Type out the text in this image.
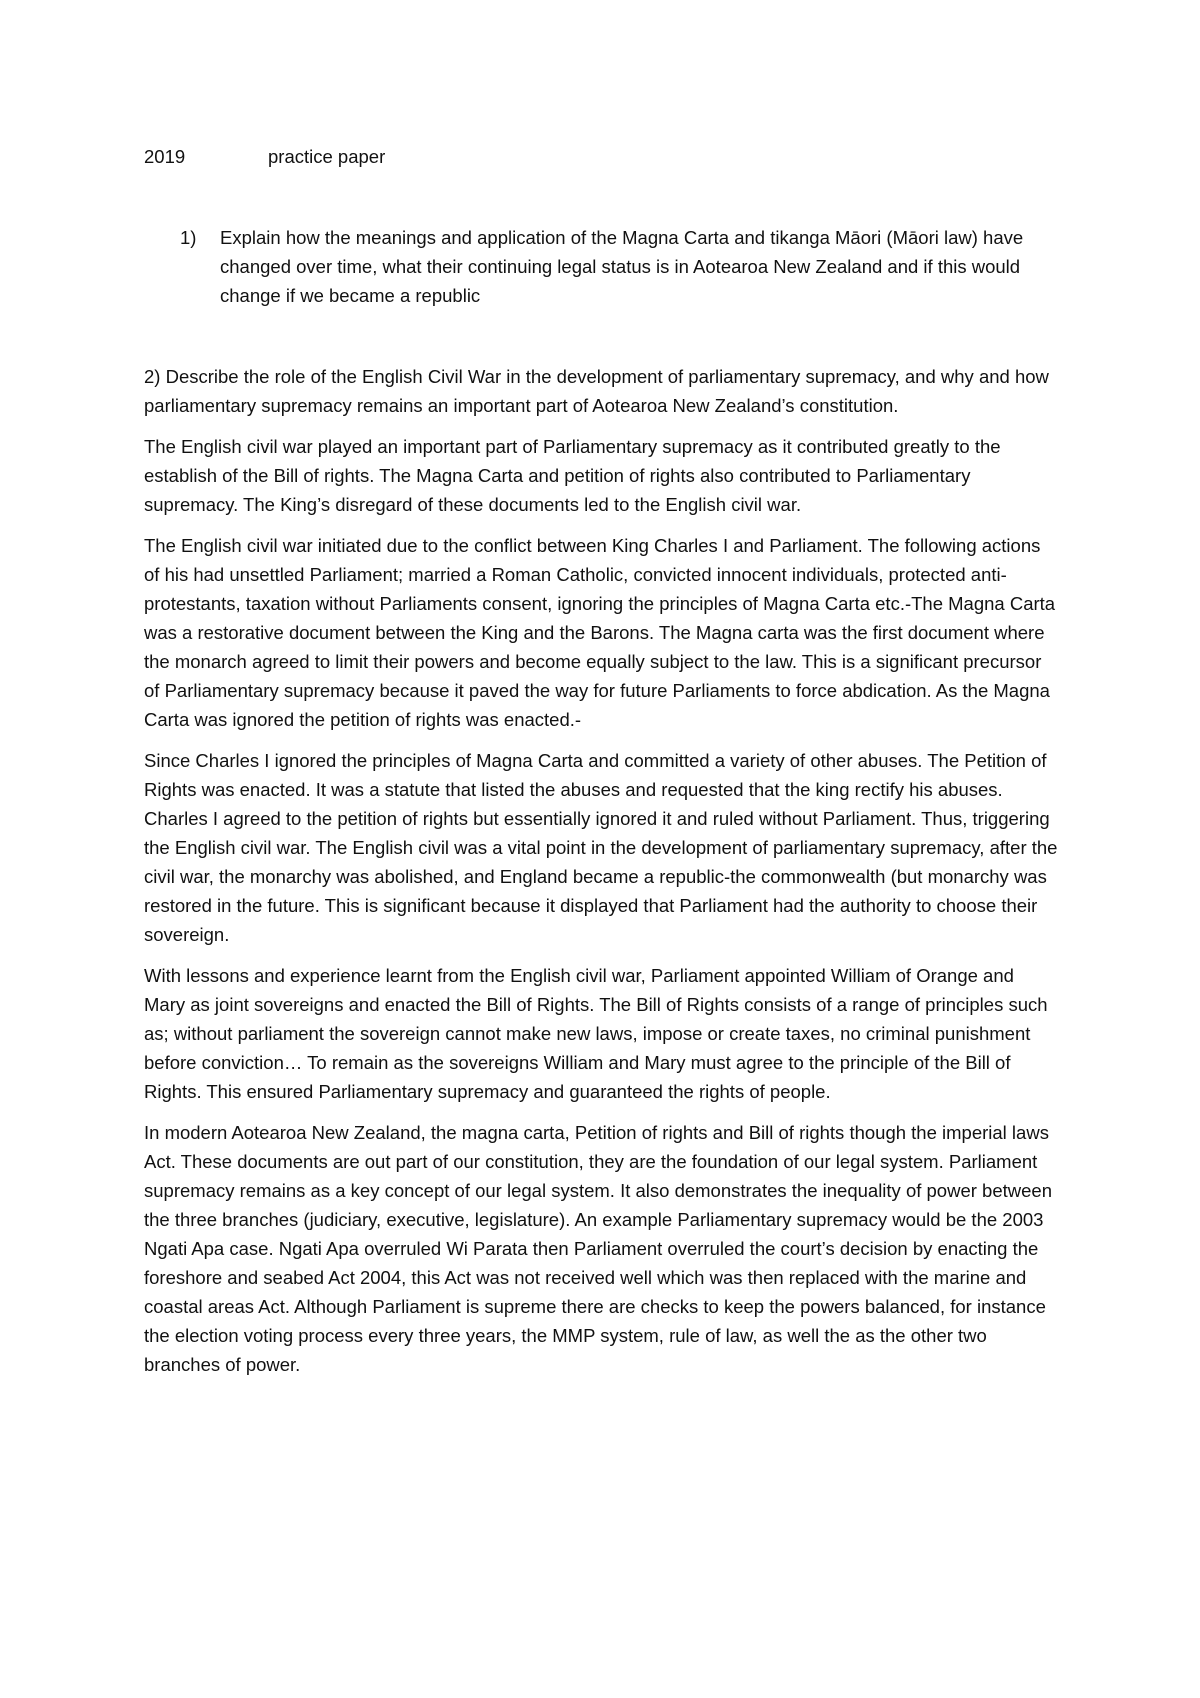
2019	practice paper
1)	Explain how the meanings and application of the Magna Carta and tikanga Māori (Māori law) have changed over time, what their continuing legal status is in Aotearoa New Zealand and if this would change if we became a republic
2) Describe the role of the English Civil War in the development of parliamentary supremacy, and why and how parliamentary supremacy remains an important part of Aotearoa New Zealand’s constitution.
The English civil war played an important part of Parliamentary supremacy as it contributed greatly to the establish of the Bill of rights. The Magna Carta and petition of rights also contributed to Parliamentary supremacy. The King’s disregard of these documents led to the English civil war.
The English civil war initiated due to the conflict between King Charles I and Parliament. The following actions of his had unsettled Parliament; married a Roman Catholic, convicted innocent individuals, protected anti-protestants, taxation without Parliaments consent, ignoring the principles of Magna Carta etc.-The Magna Carta was a restorative document between the King and the Barons. The Magna carta was the first document where the monarch agreed to limit their powers and become equally subject to the law. This is a significant precursor of Parliamentary supremacy because it paved the way for future Parliaments to force abdication. As the Magna Carta was ignored the petition of rights was enacted.-
Since Charles I ignored the principles of Magna Carta and committed a variety of other abuses. The Petition of Rights was enacted. It was a statute that listed the abuses and requested that the king rectify his abuses. Charles I agreed to the petition of rights but essentially ignored it and ruled without Parliament. Thus, triggering the English civil war. The English civil was a vital point in the development of parliamentary supremacy, after the civil war, the monarchy was abolished, and England became a republic-the commonwealth (but monarchy was restored in the future. This is significant because it displayed that Parliament had the authority to choose their sovereign.
With lessons and experience learnt from the English civil war, Parliament appointed William of Orange and Mary as joint sovereigns and enacted the Bill of Rights. The Bill of Rights consists of a range of principles such as; without parliament the sovereign cannot make new laws, impose or create taxes, no criminal punishment before conviction… To remain as the sovereigns William and Mary must agree to the principle of the Bill of Rights. This ensured Parliamentary supremacy and guaranteed the rights of people.
In modern Aotearoa New Zealand, the magna carta, Petition of rights and Bill of rights though the imperial laws Act. These documents are out part of our constitution, they are the foundation of our legal system. Parliament supremacy remains as a key concept of our legal system. It also demonstrates the inequality of power between the three branches (judiciary, executive, legislature). An example Parliamentary supremacy would be the 2003 Ngati Apa case. Ngati Apa overruled Wi Parata then Parliament overruled the court’s decision by enacting the foreshore and seabed Act 2004, this Act was not received well which was then replaced with the marine and coastal areas Act. Although Parliament is supreme there are checks to keep the powers balanced, for instance the election voting process every three years, the MMP system, rule of law, as well the as the other two branches of power.
